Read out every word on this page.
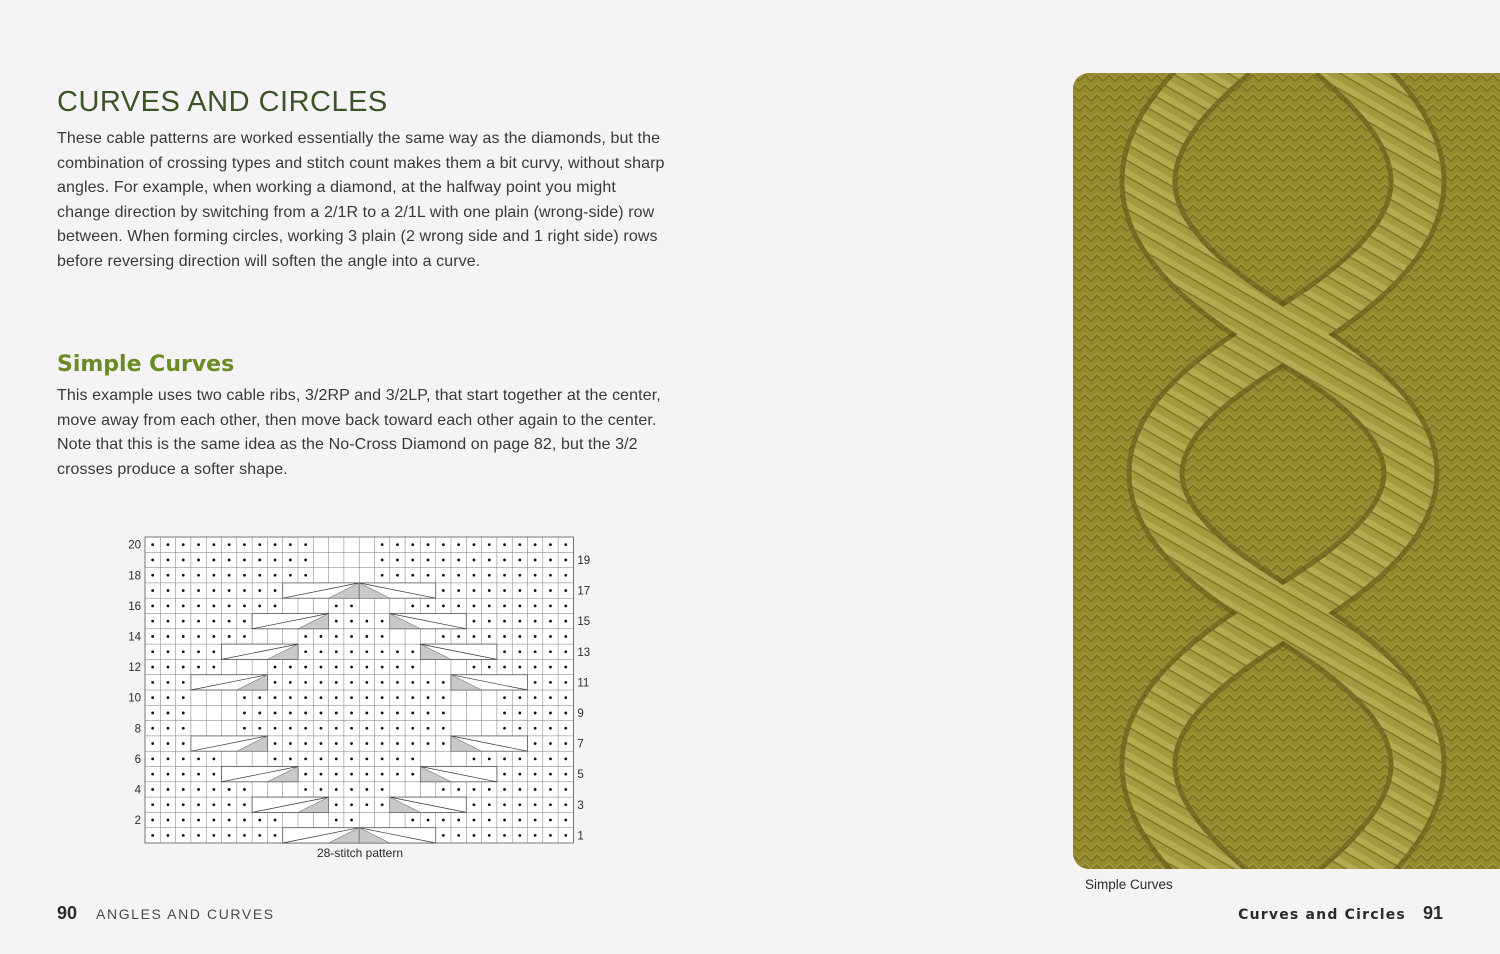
CURVES AND CIRCLES

These cable patterns are worked essentially the same way as the diamonds, but the combination of crossing types and stitch count makes them a bit curvy, without sharp angles. For example, when working a diamond, at the halfway point you might change direction by switching from a 2/1R to a 2/1L with one plain (wrong-side) row between. When forming circles, working 3 plain (2 wrong side and 1 right side) rows before reversing direction will soften the angle into a curve.

Simple Curves

This example uses two cable ribs, 3/2RP and 3/2LP, that start together at the center, move away from each other, then move back toward each other again to the center. Note that this is the same idea as the No-Cross Diamond on page 82, but the 3/2 crosses produce a softer shape.

20
18
16
14
12
10
8
6
4
2
19
17
15
13
11
9
7
5
3
1
28-stitch pattern
Simple Curves
90 ANGLES AND CURVES	Curves and Circles 91
